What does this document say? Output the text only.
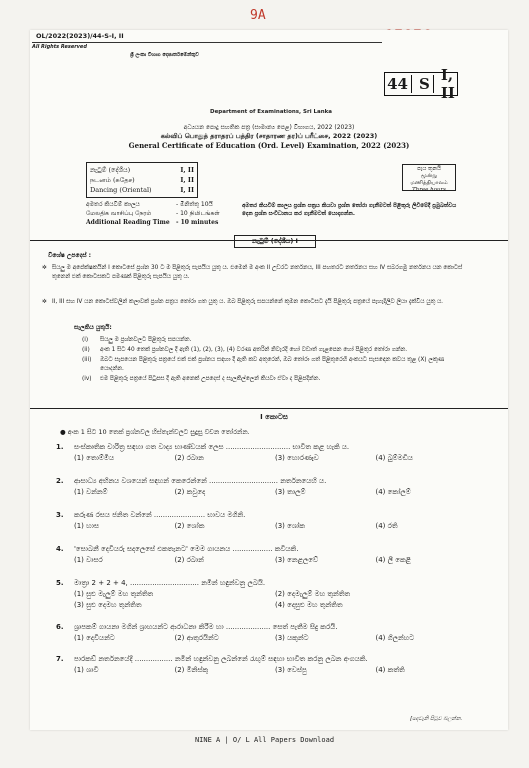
9A
OL/2022(2023)/44-S-I, II
All Rights Reserved
ශ්‍රී ලංකා විභාග දෙපාර්තමේන්තුව
Department of Examinations, Sri Lanka
44 S I, II
අධ්‍යයන පොදු සහතික පත්‍ර (සාමාන්‍ය පෙළ) විභාගය, 2022 (2023)
கல்விப் பொதுத் தராதரப் பத்திர (சாதாரண தர)ப் பரீட்சை, 2022 (2023)
General Certificate of Education (Ord. Level) Examination, 2022 (2023)
නැටුම් (දේශීය)	I, II
நடனம் (சுதேச)	I, II
Dancing (Oriental)	I, II
පැය තුනයි
மூன்று மணித்தியாலம்
Three hours
අමතර කියවීම් කාලය	- මිනිත්තු 10යි
மேலதிக வாசிப்பு நேரம்	- 10 நிமிடங்கள்
Additional Reading Time - 10 minutes
අමතර කියවීම් කාලය ප්‍රශ්න පත්‍රය කියවා ප්‍රශ්න තෝරා ගැනීමටත් පිළිතුරු ලිවීමේදී ප්‍රමුඛත්වය දෙන ප්‍රශ්න සංවිධානය කර ගැනීමටත් යොදාගන්න.
නැටුම් (දේශීය) I
විශේෂ උපදෙස් :
✲ සියලු ම අපේක්ෂකයින් I කොටසේ ප්‍රශ්න 30 ට ම පිළිතුරු සැපයිය යුතු ය. එමෙන් ම අංක II උඩරට නර්තනය, III පහතරට නර්තනය සහ IV සබරගමු නර්තනය යන කොටස් තුනෙන් එක් කොටසකට පමණක් පිළිතුරු සැපයිය යුතු ය.
✲ II, III සහ IV යන කොටස්වලින් කලාවක් ප්‍රශ්න පත්‍රය තෝරා ගත යුතු ය. ඔබ පිළිතුරු සපයන්නේ කුමන කොටසට දැයි පිළිතුරු පත්‍රයේ පැහැදිලිව ලියා දැක්විය යුතු ය.
සැලකිය යුතුයි:
(i)	සියලු ම ප්‍රශ්නවලට පිළිතුරු සපයන්න.
(ii)	අංක 1 සිට 40 තෙක් ප්‍රශ්නවල දී ඇති (1), (2), (3), (4) වරණ අතරින් නිවැරදි හෝ වඩාත් ගැළපෙන හෝ පිළිතුර තෝරා ගන්න.
(iii)	ඔබට සැපයෙන පිළිතුරු පත්‍රයේ එක් එක් ප්‍රශ්නය සඳහා දී ඇති කව අතුරෙන්, ඔබ තෝරා ගත් පිළිතුරෙහි අංකයට සැසඳෙන කවය තුළ (X) ලකුණ යොදන්න.
(iv)	එම පිළිතුරු පත්‍රයේ පිටුපස දී ඇති අනෙක් උපදෙස් ද සැලකිල්ලෙන් කියවා ඒවා ද පිළිපදින්න.
I කොටස
● අංක 1 සිට 10 තෙක් ප්‍රශ්නවල හිස්තැන්වලට සුදුසු වචන තෝරන්න.
1.	සංස්කෘතික චාරිත්‍ර සඳහා ගත වාද්‍ය භාණ්ඩයක් ලෙස ............................. භාවිත කළ හැකි ය.
(1) තොම්මිය	(2) රබාන	(3) හොරණෑව	(4) බුම්මඩිය
2.	ආසාධ්‍ය අභිනය වශයෙන් සඳහන් කෙරෙන්නේ ............................... නර්තනයෙහි ය.
(1) වන්නම්	(2) කවුදෙ	(3) තාලම්	(4) කෝලම්
3.	කරුණ රසය ජනිත වන්නේ ....................... භාවය මගිනි.
(1) හාස	(2) ශෝක	(3) ශෝක	(4) රති
4.	'සොබනී දෙවියරු සදලෙසේ එකතැනට' මෙම ගායනය .................. කවියකි.
(1) වාසර	(2) රබාන්	(3) නෙළලවේ	(4) ලී කෙළි
5.	මාත්‍රා 2 + 2 + 4, ............................... නමින් හඳුන්වනු ලබයි.
(1) සුළු මැලුම් මහ තුන්තිත	(2) දෙමැලුම් මහ තුන්තිත
(3) සුළු දෙමහ තුන්තිත	(4) දෙසුළු මහ තුන්තිත
6.	ශ්‍රාපකම් ගායනා මගින් ශ්‍රාහයන්ට ආරාධනා කිරීම හා .................... සෙත් පැතීම සිදු කරයි.
(1) දෙවියන්ට	(2) ආතුරයින්ට	(3) යකුන්ට	(4) ගිලන්හට
7.	පාරකඩ් නර්තනයේදී ................. නමින් හඳුන්වනු ලබන්නේ රැඟුම් සඳහා භාවිත කරනු ලබන අංගයකි.
(1) ශාවි	(2) මිනිස්කු	(3) වෙස්පු	(4) කත්ති
[දෙවැනි පිටුව බලන්න.
NINE A | O/ L All Papers Download
